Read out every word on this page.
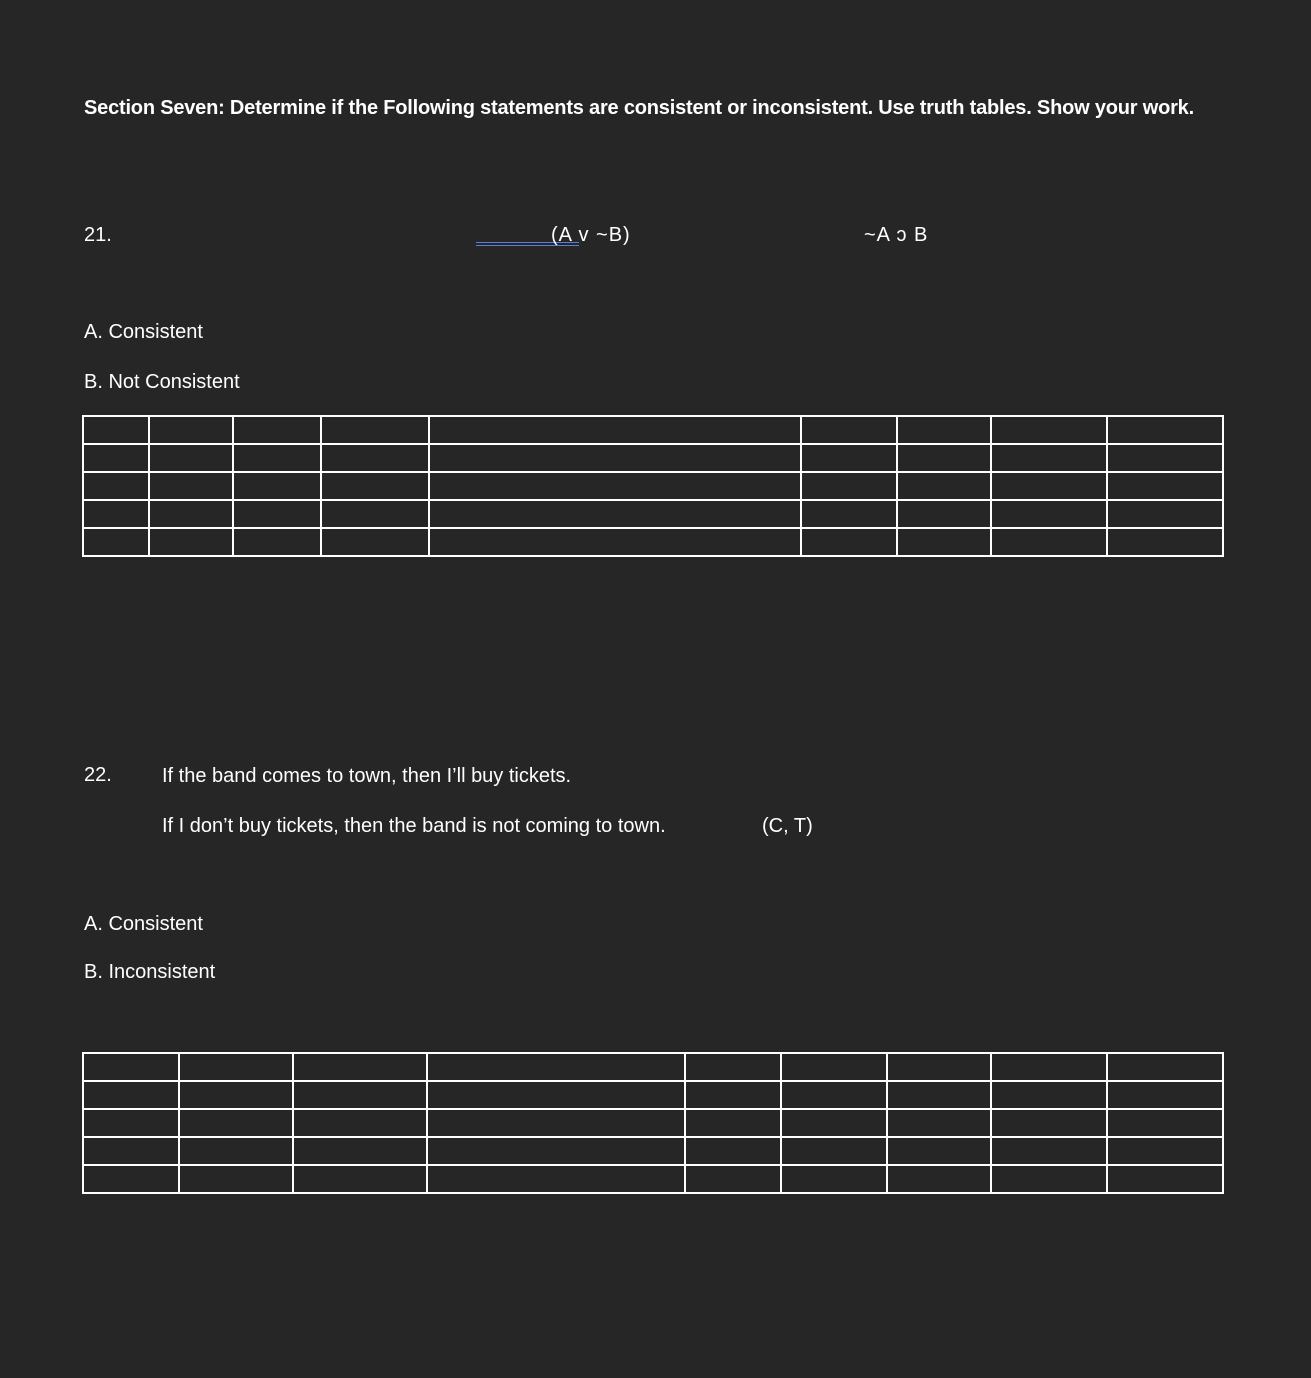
Section Seven: Determine if the Following statements are consistent or inconsistent. Use truth tables. Show your work.
21.	(A v ~B)	~A ↄ B
A. Consistent
B. Not Consistent

22.	If the band comes to town, then I’ll buy tickets.
If I don’t buy tickets, then the band is not coming to town.	(C, T)
A. Consistent
B. Inconsistent
